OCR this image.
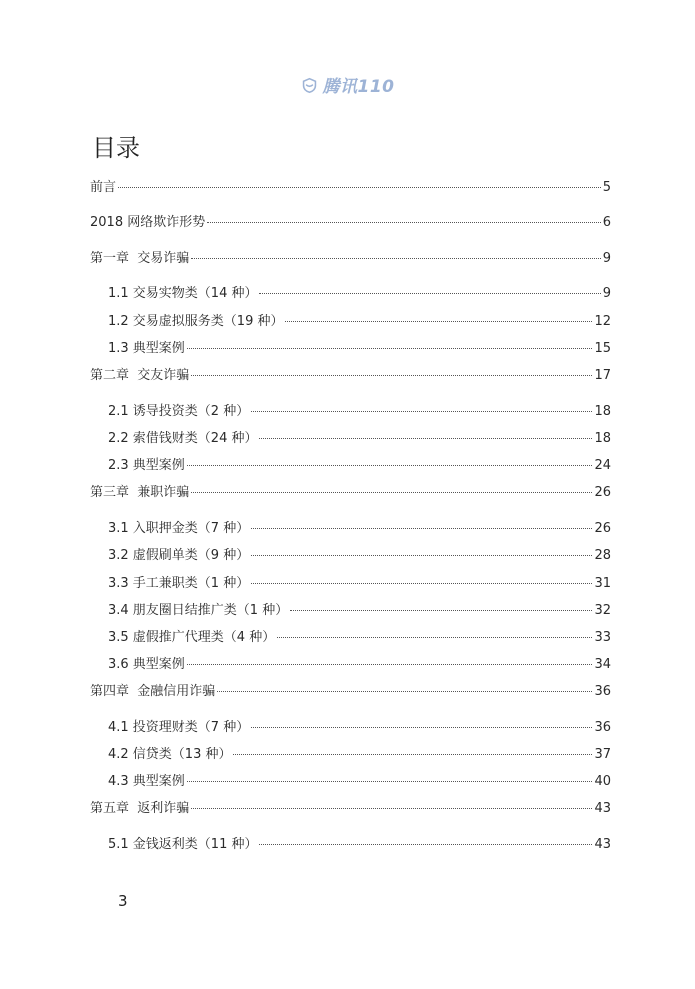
腾讯110
目录
前言	5
2018 网络欺诈形势	6
第一章  交易诈骗	9
1.1 交易实物类（14 种）	9
1.2 交易虚拟服务类（19 种）	12
1.3 典型案例	15
第二章  交友诈骗	17
2.1 诱导投资类（2 种）	18
2.2 索借钱财类（24 种）	18
2.3 典型案例	24
第三章  兼职诈骗	26
3.1 入职押金类（7 种）	26
3.2 虚假刷单类（9 种）	28
3.3 手工兼职类（1 种）	31
3.4 朋友圈日结推广类（1 种）	32
3.5 虚假推广代理类（4 种）	33
3.6 典型案例	34
第四章  金融信用诈骗	36
4.1 投资理财类（7 种）	36
4.2 信贷类（13 种）	37
4.3 典型案例	40
第五章  返利诈骗	43
5.1 金钱返利类（11 种）	43
3
